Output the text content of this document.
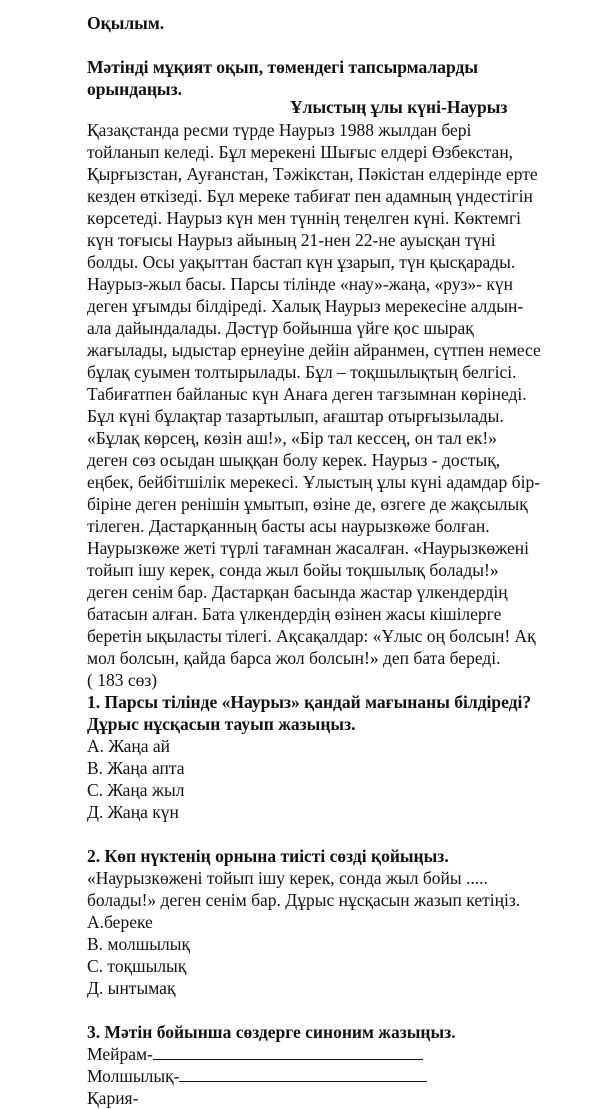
Оқылым.
Мәтінді мұқият оқып, төмендегі тапсырмаларды
орындаңыз.
Ұлыстың ұлы күні-Наурыз
Қазақстанда ресми түрде Наурыз 1988 жылдан бері
тойланып келеді. Бұл мерекені Шығыс елдері Өзбекстан,
Қырғызстан, Ауғанстан, Тәжікстан, Пәкістан елдерінде ерте
кезден өткізеді. Бұл мереке табиғат пен адамның үндестігін
көрсетеді. Наурыз күн мен түннің теңелген күні. Көктемгі
күн тоғысы Наурыз айының 21-нен 22-не ауысқан түні
болды. Осы уақыттан бастап күн ұзарып, түн қысқарады.
Наурыз-жыл басы. Парсы тілінде «нау»-жаңа, «руз»- күн
деген ұғымды білдіреді. Халық Наурыз мерекесіне алдын-
ала дайындалады. Дәстүр бойынша үйге қос шырақ
жағылады, ыдыстар ернеуіне дейін айранмен, сүтпен немесе
бұлақ суымен толтырылады. Бұл – тоқшылықтың белгісі.
Табиғатпен байланыс күн Анаға деген тағзымнан көрінеді.
Бұл күні бұлақтар тазартылып, ағаштар отырғызылады.
«Бұлақ көрсең, көзін аш!», «Бір тал кессең, он тал ек!»
деген сөз осыдан шыққан болу керек. Наурыз - достық,
еңбек, бейбітшілік мерекесі. Ұлыстың ұлы күні адамдар бір-
біріне деген ренішін ұмытып, өзіне де, өзгеге де жақсылық
тілеген. Дастарқанның басты асы наурызкөже болған.
Наурызкөже жеті түрлі тағамнан жасалған. «Наурызкөжені
тойып ішу керек, сонда жыл бойы тоқшылық болады!»
деген сенім бар. Дастарқан басында жастар үлкендердің
батасын алған. Бата үлкендердің өзінен жасы кішілерге
беретін ықыласты тілегі. Ақсақалдар: «Ұлыс оң болсын! Ақ
мол болсын, қайда барса жол болсын!» деп бата береді.
( 183 сөз)
1. Парсы тілінде «Наурыз» қандай мағынаны білдіреді?
Дұрыс нұсқасын тауып жазыңыз.
А. Жаңа ай
В. Жаңа апта
С. Жаңа жыл
Д. Жаңа күн
2. Көп нүктенің орнына тиісті сөзді қойыңыз.
«Наурызкөжені тойып ішу керек, сонда жыл бойы .....
болады!» деген сенім бар. Дұрыс нұсқасын жазып кетіңіз.
А.береке
В. молшылық
С. тоқшылық
Д. ынтымақ
3. Мәтін бойынша сөздерге синоним жазыңыз.
Мейрам-
Молшылық-
Қария-
